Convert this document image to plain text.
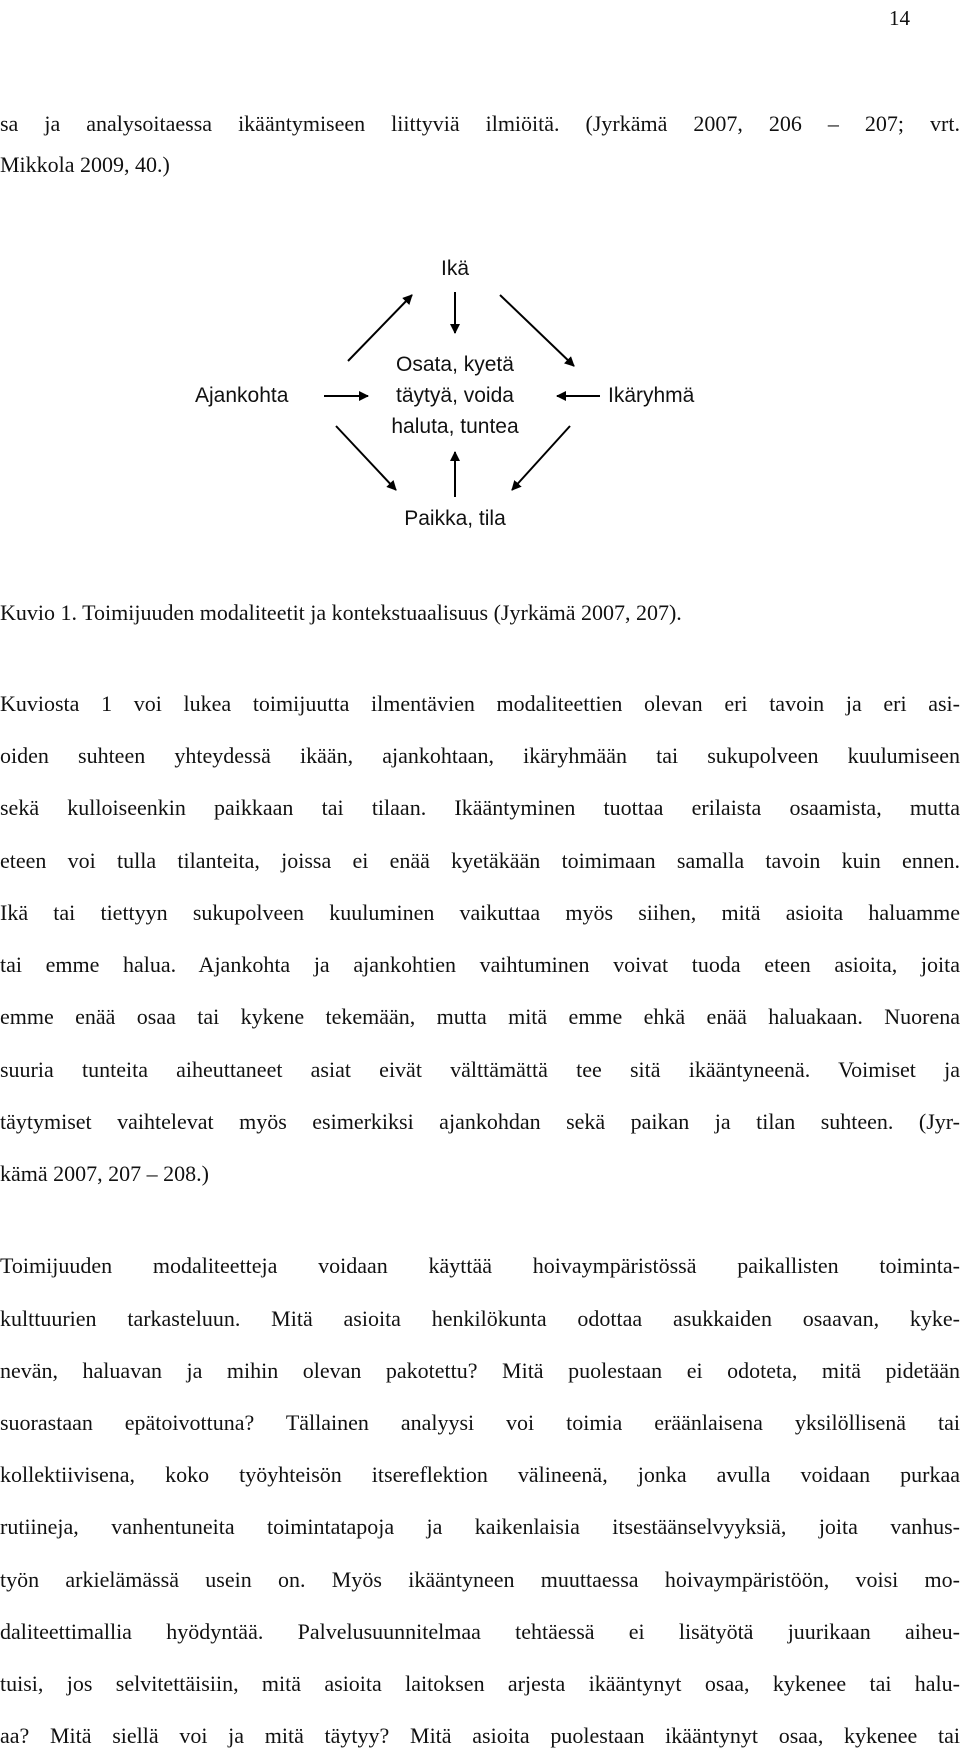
14
sa ja analysoitaessa ikääntymiseen liittyviä ilmiöitä. (Jyrkämä 2007, 206 – 207; vrt.
Mikkola 2009, 40.)
Ikä
Ajankohta
Osata, kyetä
täytyä, voida
haluta, tuntea
Ikäryhmä
Paikka, tila
Kuvio 1. Toimijuuden modaliteetit ja kontekstuaalisuus (Jyrkämä 2007, 207).
Kuviosta 1 voi lukea toimijuutta ilmentävien modaliteettien olevan eri tavoin ja eri asi-
oiden suhteen yhteydessä ikään, ajankohtaan, ikäryhmään tai sukupolveen kuulumiseen
sekä kulloiseenkin paikkaan tai tilaan. Ikääntyminen tuottaa erilaista osaamista, mutta
eteen voi tulla tilanteita, joissa ei enää kyetäkään toimimaan samalla tavoin kuin ennen.
Ikä tai tiettyyn sukupolveen kuuluminen vaikuttaa myös siihen, mitä asioita haluamme
tai emme halua. Ajankohta ja ajankohtien vaihtuminen voivat tuoda eteen asioita, joita
emme enää osaa tai kykene tekemään, mutta mitä emme ehkä enää haluakaan. Nuorena
suuria tunteita aiheuttaneet asiat eivät välttämättä tee sitä ikääntyneenä. Voimiset ja
täytymiset vaihtelevat myös esimerkiksi ajankohdan sekä paikan ja tilan suhteen. (Jyr-
kämä 2007, 207 – 208.)
Toimijuuden modaliteetteja voidaan käyttää hoivaympäristössä paikallisten toiminta-
kulttuurien tarkasteluun. Mitä asioita henkilökunta odottaa asukkaiden osaavan, kyke-
nevän, haluavan ja mihin olevan pakotettu? Mitä puolestaan ei odoteta, mitä pidetään
suorastaan epätoivottuna? Tällainen analyysi voi toimia eräänlaisena yksilöllisenä tai
kollektiivisena, koko työyhteisön itsereflektion välineenä, jonka avulla voidaan purkaa
rutiineja, vanhentuneita toimintatapoja ja kaikenlaisia itsestäänselvyyksiä, joita vanhus-
työn arkielämässä usein on. Myös ikääntyneen muuttaessa hoivaympäristöön, voisi mo-
daliteettimallia hyödyntää. Palvelusuunnitelmaa tehtäessä ei lisätyötä juurikaan aiheu-
tuisi, jos selvitettäisiin, mitä asioita laitoksen arjesta ikääntynyt osaa, kykenee tai halu-
aa? Mitä siellä voi ja mitä täytyy? Mitä asioita puolestaan ikääntynyt osaa, kykenee tai
